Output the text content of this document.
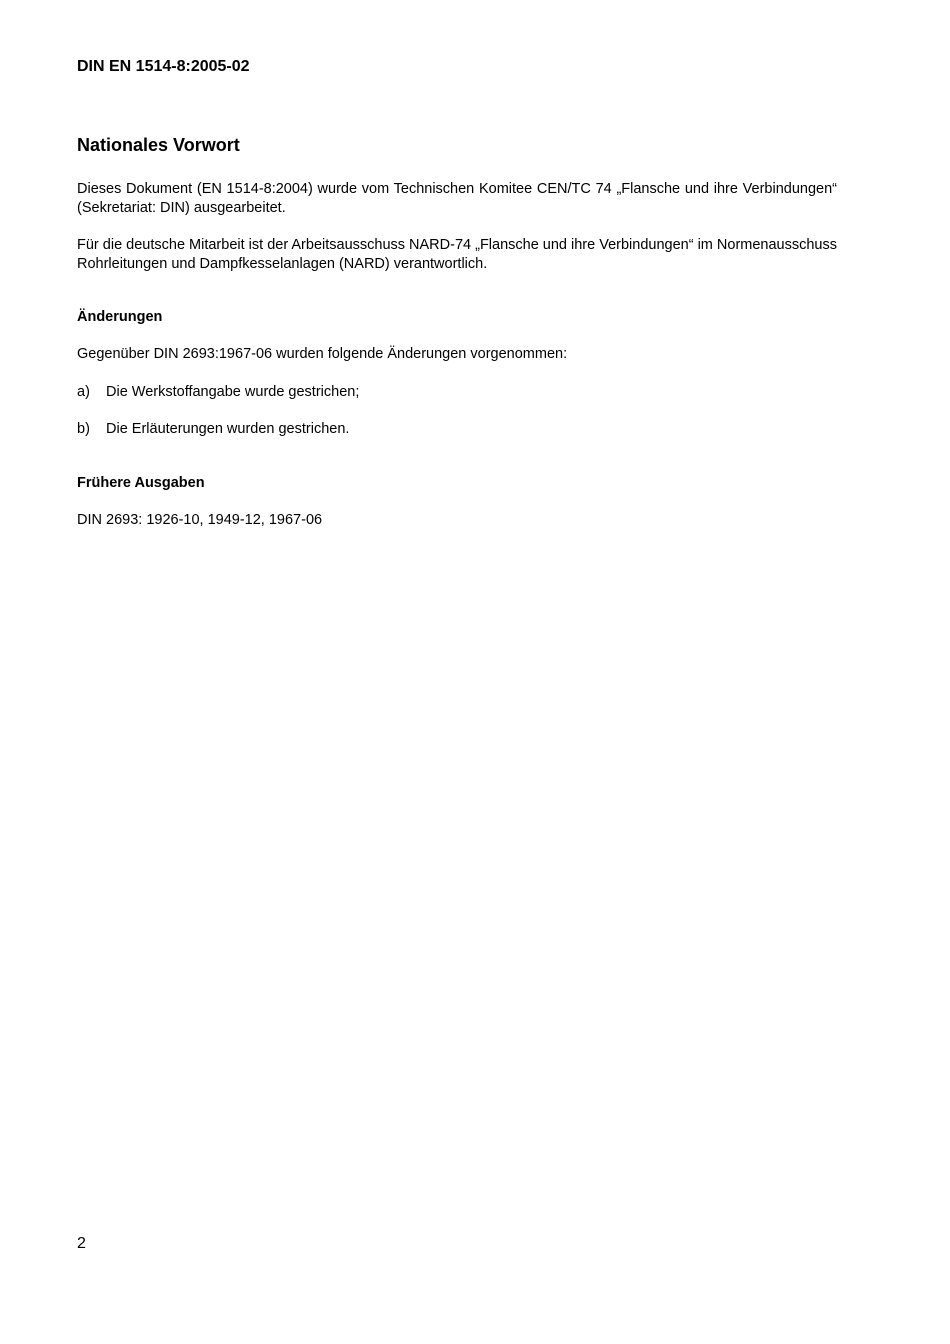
DIN EN 1514-8:2005-02
Nationales Vorwort
Dieses Dokument (EN 1514-8:2004) wurde vom Technischen Komitee CEN/TC 74 „Flansche und ihre Verbindungen“ (Sekretariat: DIN) ausgearbeitet.
Für die deutsche Mitarbeit ist der Arbeitsausschuss NARD-74 „Flansche und ihre Verbindungen“ im Normenausschuss Rohrleitungen und Dampfkesselanlagen (NARD) verantwortlich.
Änderungen
Gegenüber DIN 2693:1967-06 wurden folgende Änderungen vorgenommen:
a) Die Werkstoffangabe wurde gestrichen;
b) Die Erläuterungen wurden gestrichen.
Frühere Ausgaben
DIN 2693: 1926-10, 1949-12, 1967-06
2
